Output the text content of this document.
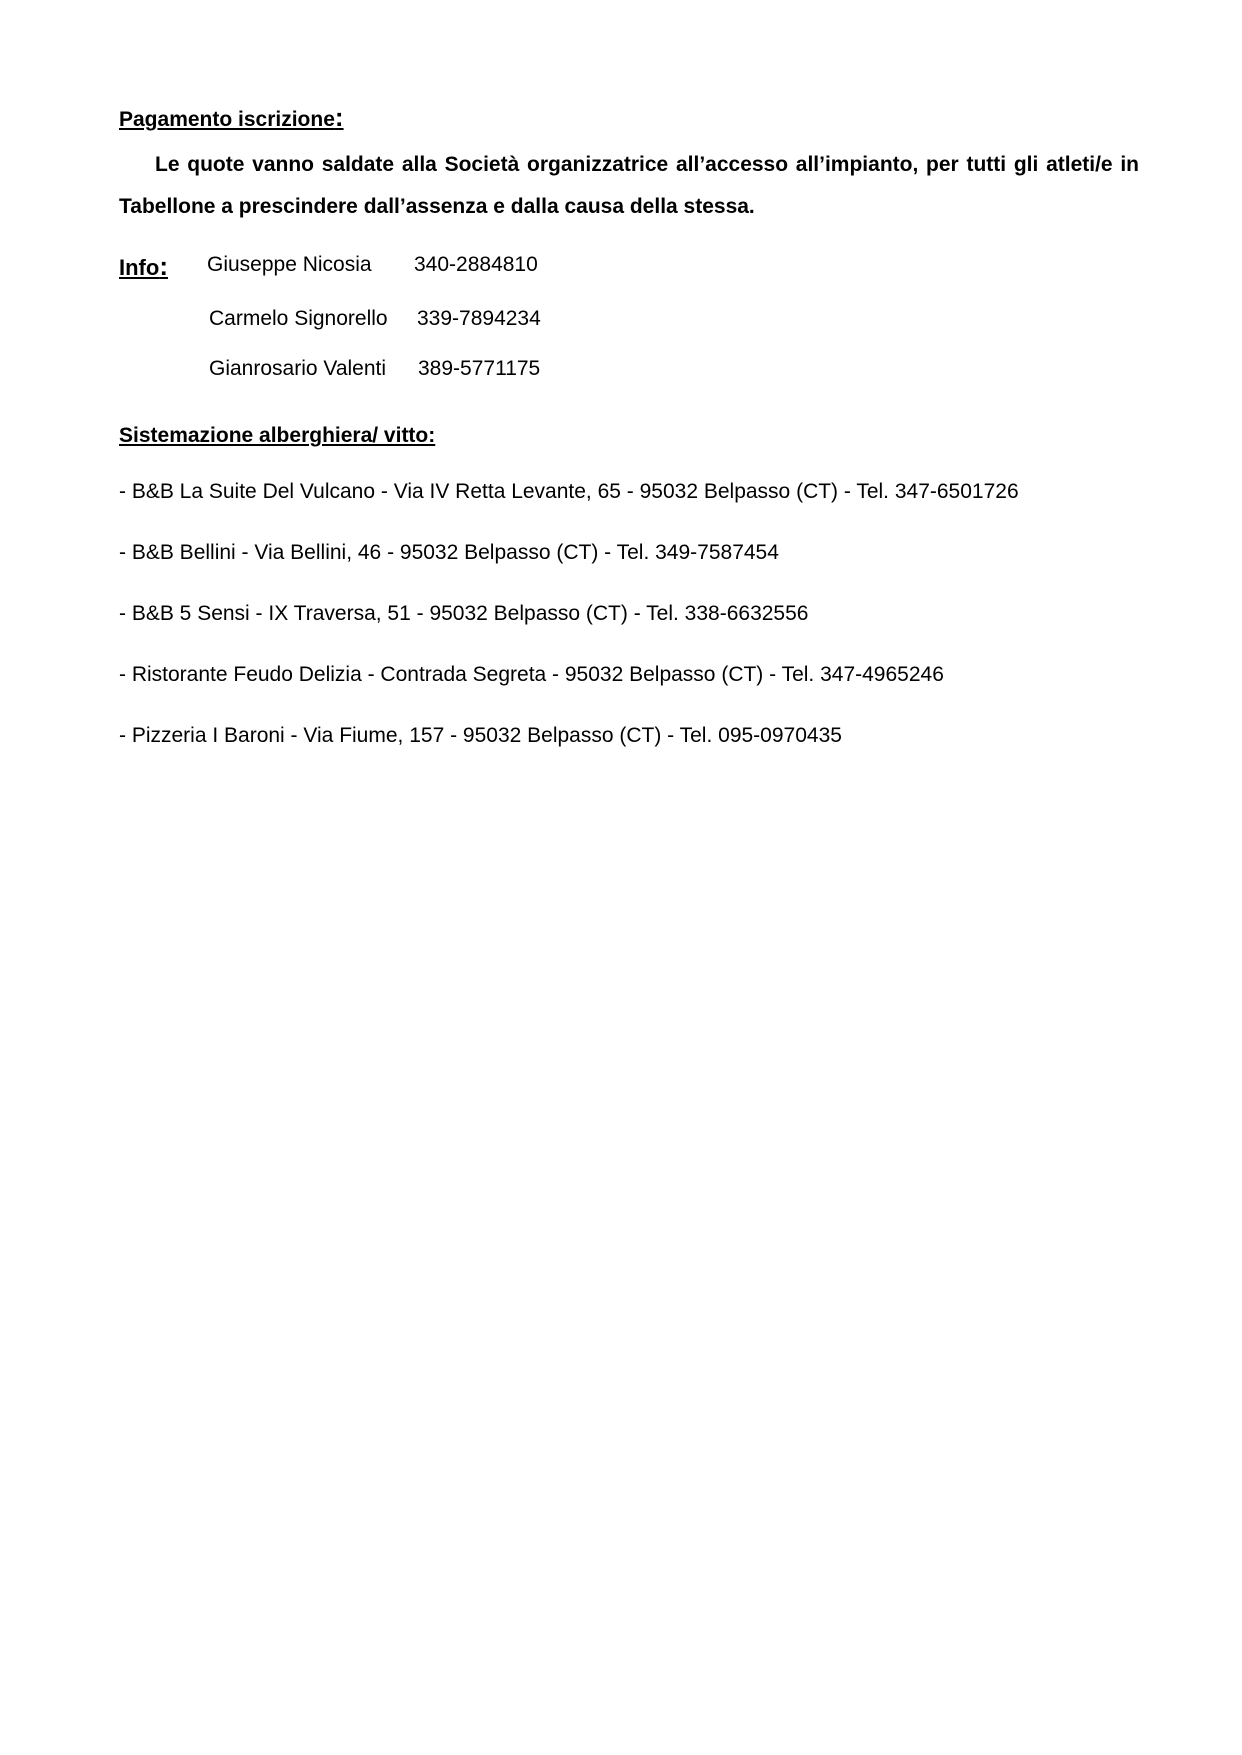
Pagamento iscrizione:

Le quote vanno saldate alla Società organizzatrice all’accesso all’impianto, per tutti gli atleti/e in Tabellone a prescindere dall’assenza e dalla causa della stessa.

Info: Giuseppe Nicosia 340-2884810
Carmelo Signorello 339-7894234
Gianrosario Valenti 389-5771175
Sistemazione alberghiera/ vitto:
- B&B La Suite Del Vulcano - Via IV Retta Levante, 65 - 95032 Belpasso (CT) - Tel. 347-6501726
- B&B Bellini - Via Bellini, 46 - 95032 Belpasso (CT) - Tel. 349-7587454
- B&B 5 Sensi - IX Traversa, 51 - 95032 Belpasso (CT) - Tel. 338-6632556
- Ristorante Feudo Delizia - Contrada Segreta - 95032 Belpasso (CT) - Tel. 347-4965246
- Pizzeria I Baroni - Via Fiume, 157 - 95032 Belpasso (CT) - Tel. 095-0970435
